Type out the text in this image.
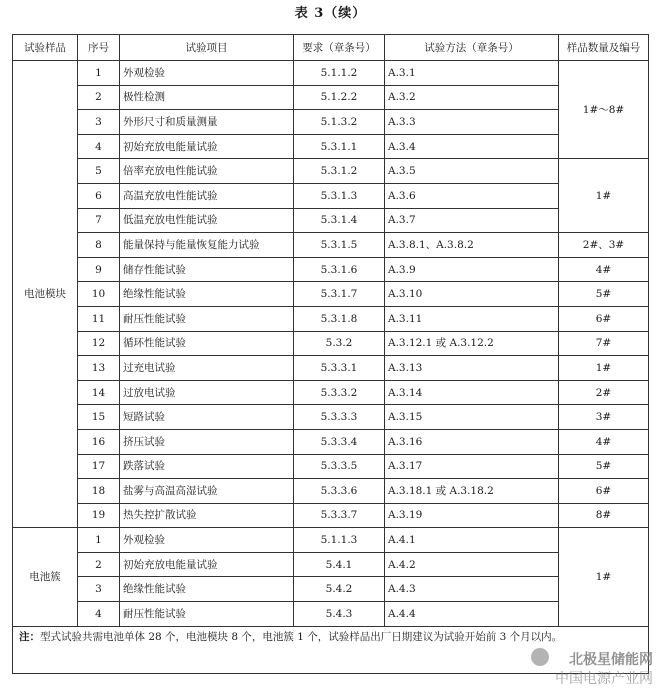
表 3（续）
试验样品	序号	试验项目	要求（章条号）	试验方法（章条号）	样品数量及编号
电池模块	1	外观检验	5.1.1.2	A.3.1	1#～8#
	2	极性检测	5.1.2.2	A.3.2	
	3	外形尺寸和质量测量	5.1.3.2	A.3.3	
	4	初始充放电能量试验	5.3.1.1	A.3.4	
	5	倍率充放电性能试验	5.3.1.2	A.3.5	1#
	6	高温充放电性能试验	5.3.1.3	A.3.6	
	7	低温充放电性能试验	5.3.1.4	A.3.7	
	8	能量保持与能量恢复能力试验	5.3.1.5	A.3.8.1、A.3.8.2	2#、3#
	9	储存性能试验	5.3.1.6	A.3.9	4#
	10	绝缘性能试验	5.3.1.7	A.3.10	5#
	11	耐压性能试验	5.3.1.8	A.3.11	6#
	12	循环性能试验	5.3.2	A.3.12.1 或 A.3.12.2	7#
	13	过充电试验	5.3.3.1	A.3.13	1#
	14	过放电试验	5.3.3.2	A.3.14	2#
	15	短路试验	5.3.3.3	A.3.15	3#
	16	挤压试验	5.3.3.4	A.3.16	4#
	17	跌落试验	5.3.3.5	A.3.17	5#
	18	盐雾与高温高湿试验	5.3.3.6	A.3.18.1 或 A.3.18.2	6#
	19	热失控扩散试验	5.3.3.7	A.3.19	8#
电池簇	1	外观检验	5.1.1.3	A.4.1	1#
	2	初始充放电能量试验	5.4.1	A.4.2	
	3	绝缘性能试验	5.4.2	A.4.3	
	4	耐压性能试验	5.4.3	A.4.4	
注：型式试验共需电池单体 28 个，电池模块 8 个，电池簇 1 个，试验样品出厂日期建议为试验开始前 3 个月以内。					
北极星储能网
中国电源产业网
